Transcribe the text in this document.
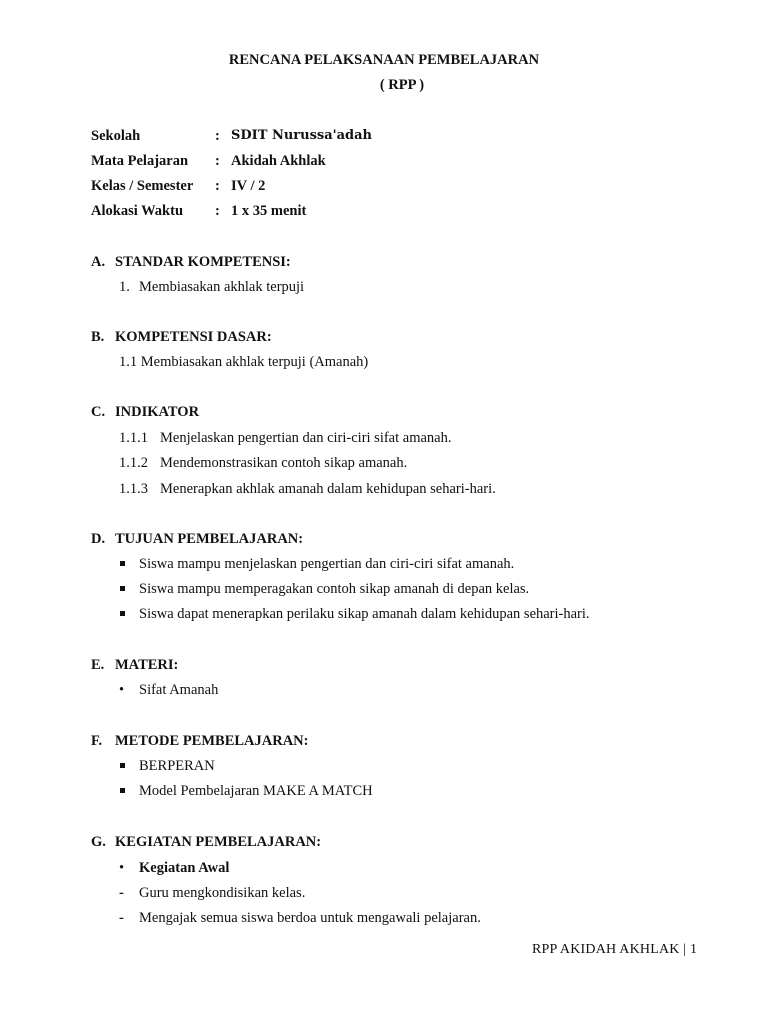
RENCANA PELAKSANAAN PEMBELAJARAN
( RPP )
Sekolah	: SDIT Nurussa'adah
Mata Pelajaran : Akidah Akhlak
Kelas / Semester : IV / 2
Alokasi Waktu : 1 x 35 menit
A. STANDAR KOMPETENSI:
1. Membiasakan akhlak terpuji
B. KOMPETENSI DASAR:
1.1 Membiasakan akhlak terpuji (Amanah)
C. INDIKATOR
1.1.1 Menjelaskan pengertian dan ciri-ciri sifat amanah.
1.1.2 Mendemonstrasikan contoh sikap amanah.
1.1.3 Menerapkan akhlak amanah dalam kehidupan sehari-hari.
D. TUJUAN PEMBELAJARAN:
Siswa mampu menjelaskan pengertian dan ciri-ciri sifat amanah.
Siswa mampu memperagakan contoh sikap amanah di depan kelas.
Siswa dapat menerapkan perilaku sikap amanah dalam kehidupan sehari-hari.
E. MATERI:
• Sifat Amanah
F. METODE PEMBELAJARAN:
BERPERAN
Model Pembelajaran MAKE A MATCH
G. KEGIATAN PEMBELAJARAN:
• Kegiatan Awal
- Guru mengkondisikan kelas.
- Mengajak semua siswa berdoa untuk mengawali pelajaran.
RPP AKIDAH AKHLAK | 1
